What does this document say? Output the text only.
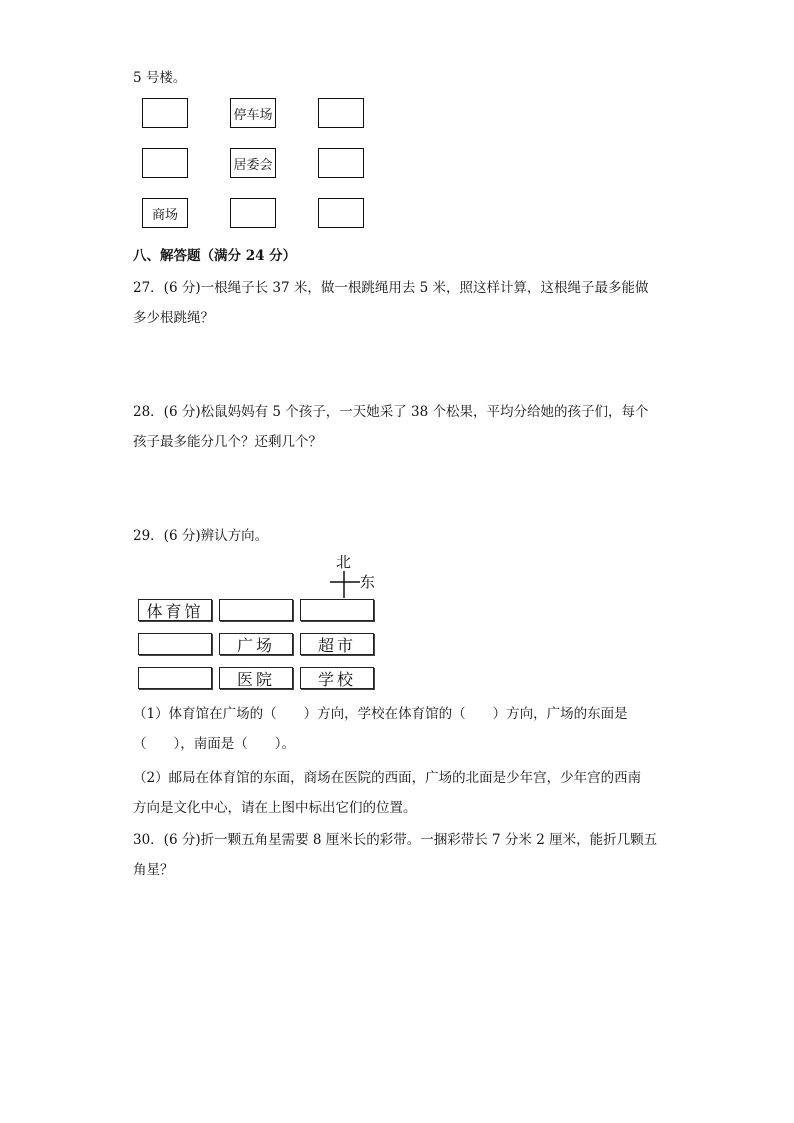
5 号楼。
停车场
居委会
商场
八、解答题（满分 24 分）
27．(6 分)一根绳子长 37 米，做一根跳绳用去 5 米，照这样计算，这根绳子最多能做
多少根跳绳？
28．(6 分)松鼠妈妈有 5 个孩子，一天她采了 38 个松果，平均分给她的孩子们，每个
孩子最多能分几个？还剩几个？
29．(6 分)辨认方向。
北
东
体育馆
广场	超市
医院	学校
（1）体育馆在广场的（　　）方向，学校在体育馆的（　　）方向，广场的东面是
（　　），南面是（　　）。
（2）邮局在体育馆的东面，商场在医院的西面，广场的北面是少年宫，少年宫的西南
方向是文化中心，请在上图中标出它们的位置。
30．(6 分)折一颗五角星需要 8 厘米长的彩带。一捆彩带长 7 分米 2 厘米，能折几颗五
角星？
